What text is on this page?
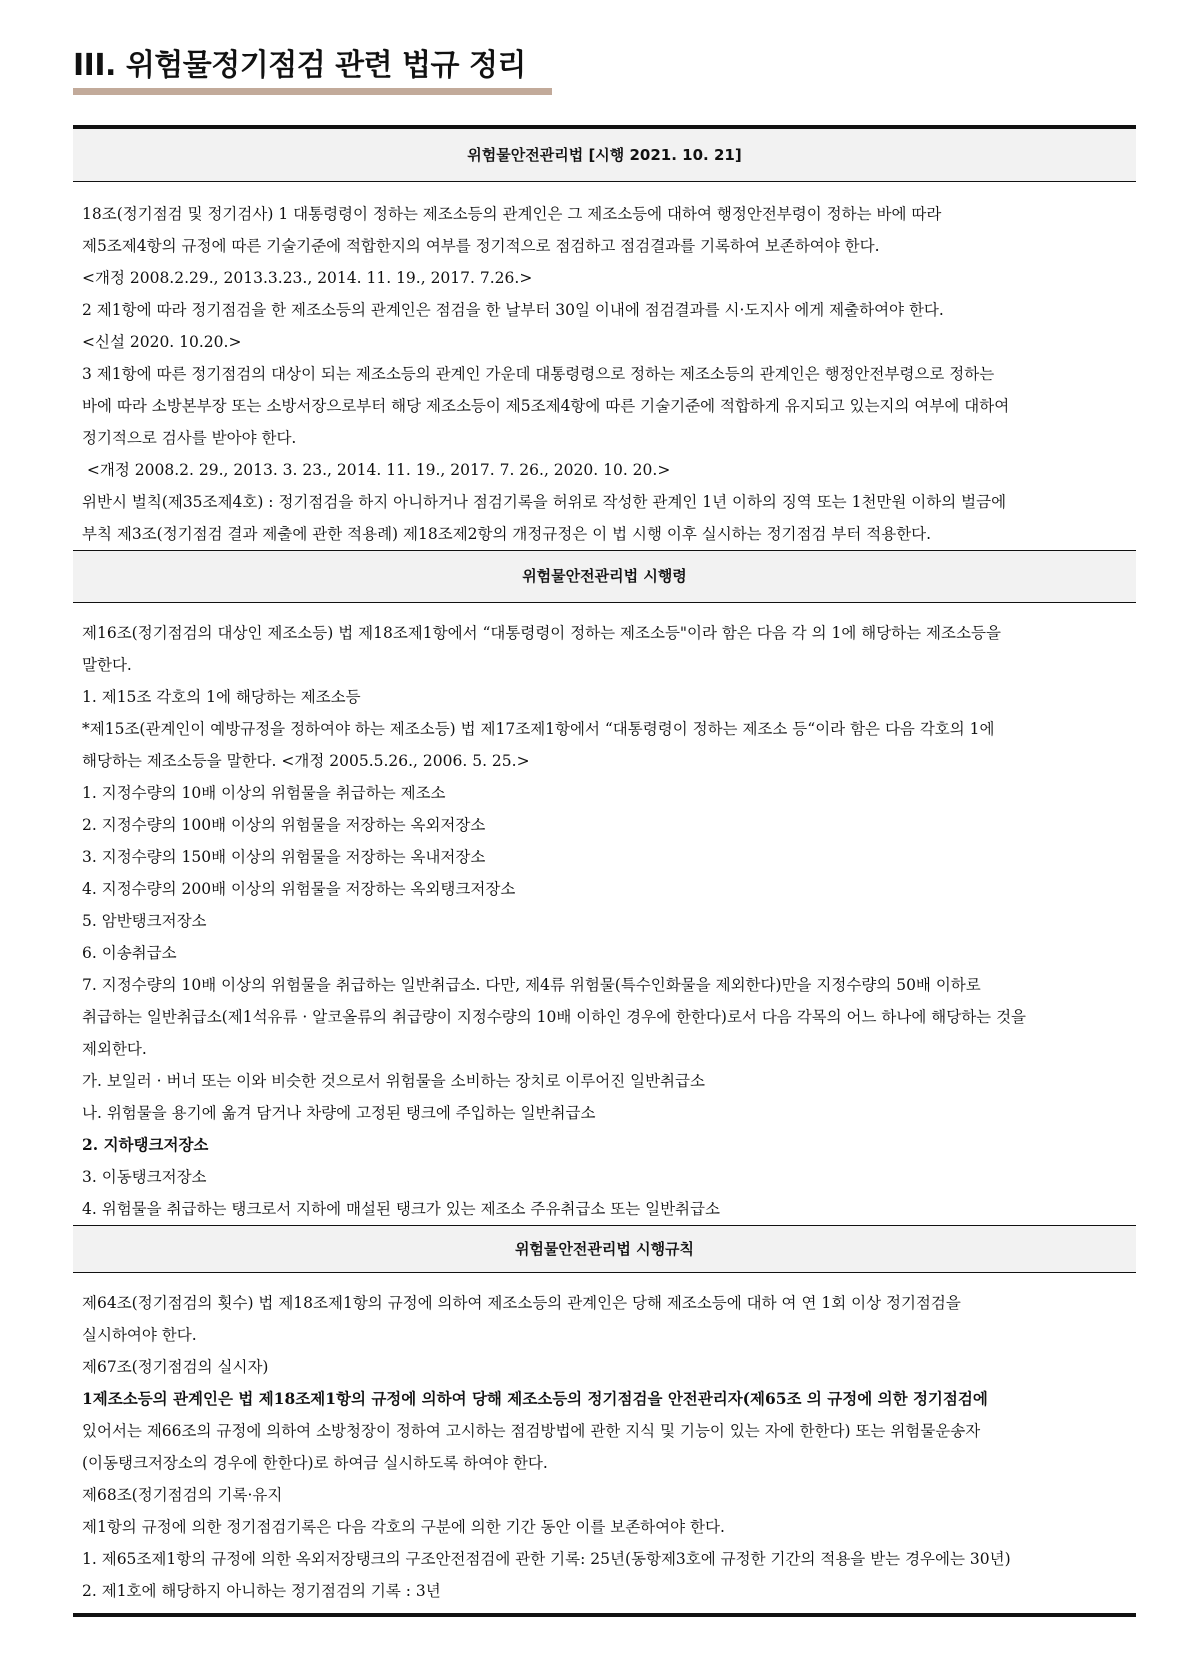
III. 위험물정기점검 관련 법규 정리
위험물안전관리법 [시행 2021. 10. 21]
18조(정기점검 및 정기검사) 1 대통령령이 정하는 제조소등의 관계인은 그 제조소등에 대하여 행정안전부령이 정하는 바에 따라
제5조제4항의 규정에 따른 기술기준에 적합한지의 여부를 정기적으로 점검하고 점검결과를 기록하여 보존하여야 한다.
<개정 2008.2.29., 2013.3.23., 2014. 11. 19., 2017. 7.26.>
2 제1항에 따라 정기점검을 한 제조소등의 관계인은 점검을 한 날부터 30일 이내에 점검결과를 시·도지사 에게 제출하여야 한다.
<신설 2020. 10.20.>
3 제1항에 따른 정기점검의 대상이 되는 제조소등의 관계인 가운데 대통령령으로 정하는 제조소등의 관계인은 행정안전부령으로 정하는
바에 따라 소방본부장 또는 소방서장으로부터 해당 제조소등이 제5조제4항에 따른 기술기준에 적합하게 유지되고 있는지의 여부에 대하여
정기적으로 검사를 받아야 한다.
<개정 2008.2. 29., 2013. 3. 23., 2014. 11. 19., 2017. 7. 26., 2020. 10. 20.>
위반시 벌칙(제35조제4호) : 정기점검을 하지 아니하거나 점검기록을 허위로 작성한 관계인 1년 이하의 징역 또는 1천만원 이하의 벌금에
부칙 제3조(정기점검 결과 제출에 관한 적용례) 제18조제2항의 개정규정은 이 법 시행 이후 실시하는 정기점검 부터 적용한다.
위험물안전관리법 시행령
제16조(정기점검의 대상인 제조소등) 법 제18조제1항에서 “대통령령이 정하는 제조소등"이라 함은 다음 각 의 1에 해당하는 제조소등을
말한다.
1. 제15조 각호의 1에 해당하는 제조소등
*제15조(관계인이 예방규정을 정하여야 하는 제조소등) 법 제17조제1항에서 “대통령령이 정하는 제조소 등“이라 함은 다음 각호의 1에
해당하는 제조소등을 말한다. <개정 2005.5.26., 2006. 5. 25.>
1. 지정수량의 10배 이상의 위험물을 취급하는 제조소
2. 지정수량의 100배 이상의 위험물을 저장하는 옥외저장소
3. 지정수량의 150배 이상의 위험물을 저장하는 옥내저장소
4. 지정수량의 200배 이상의 위험물을 저장하는 옥외탱크저장소
5. 암반탱크저장소
6. 이송취급소
7. 지정수량의 10배 이상의 위험물을 취급하는 일반취급소. 다만, 제4류 위험물(특수인화물을 제외한다)만을 지정수량의 50배 이하로
취급하는 일반취급소(제1석유류 · 알코올류의 취급량이 지정수량의 10배 이하인 경우에 한한다)로서 다음 각목의 어느 하나에 해당하는 것을
제외한다.
가. 보일러 · 버너 또는 이와 비슷한 것으로서 위험물을 소비하는 장치로 이루어진 일반취급소
나. 위험물을 용기에 옮겨 담거나 차량에 고정된 탱크에 주입하는 일반취급소
2. 지하탱크저장소
3. 이동탱크저장소
4. 위험물을 취급하는 탱크로서 지하에 매설된 탱크가 있는 제조소 주유취급소 또는 일반취급소
위험물안전관리법 시행규칙
제64조(정기점검의 횟수) 법 제18조제1항의 규정에 의하여 제조소등의 관계인은 당해 제조소등에 대하 여 연 1회 이상 정기점검을
실시하여야 한다.
제67조(정기점검의 실시자)
1제조소등의 관계인은 법 제18조제1항의 규정에 의하여 당해 제조소등의 정기점검을 안전관리자(제65조 의 규정에 의한 정기점검에
있어서는 제66조의 규정에 의하여 소방청장이 정하여 고시하는 점검방법에 관한 지식 및 기능이 있는 자에 한한다) 또는 위험물운송자
(이동탱크저장소의 경우에 한한다)로 하여금 실시하도록 하여야 한다.
제68조(정기점검의 기록·유지
제1항의 규정에 의한 정기점검기록은 다음 각호의 구분에 의한 기간 동안 이를 보존하여야 한다.
1. 제65조제1항의 규정에 의한 옥외저장탱크의 구조안전점검에 관한 기록: 25년(동항제3호에 규정한 기간의 적용을 받는 경우에는 30년)
2. 제1호에 해당하지 아니하는 정기점검의 기록 : 3년
